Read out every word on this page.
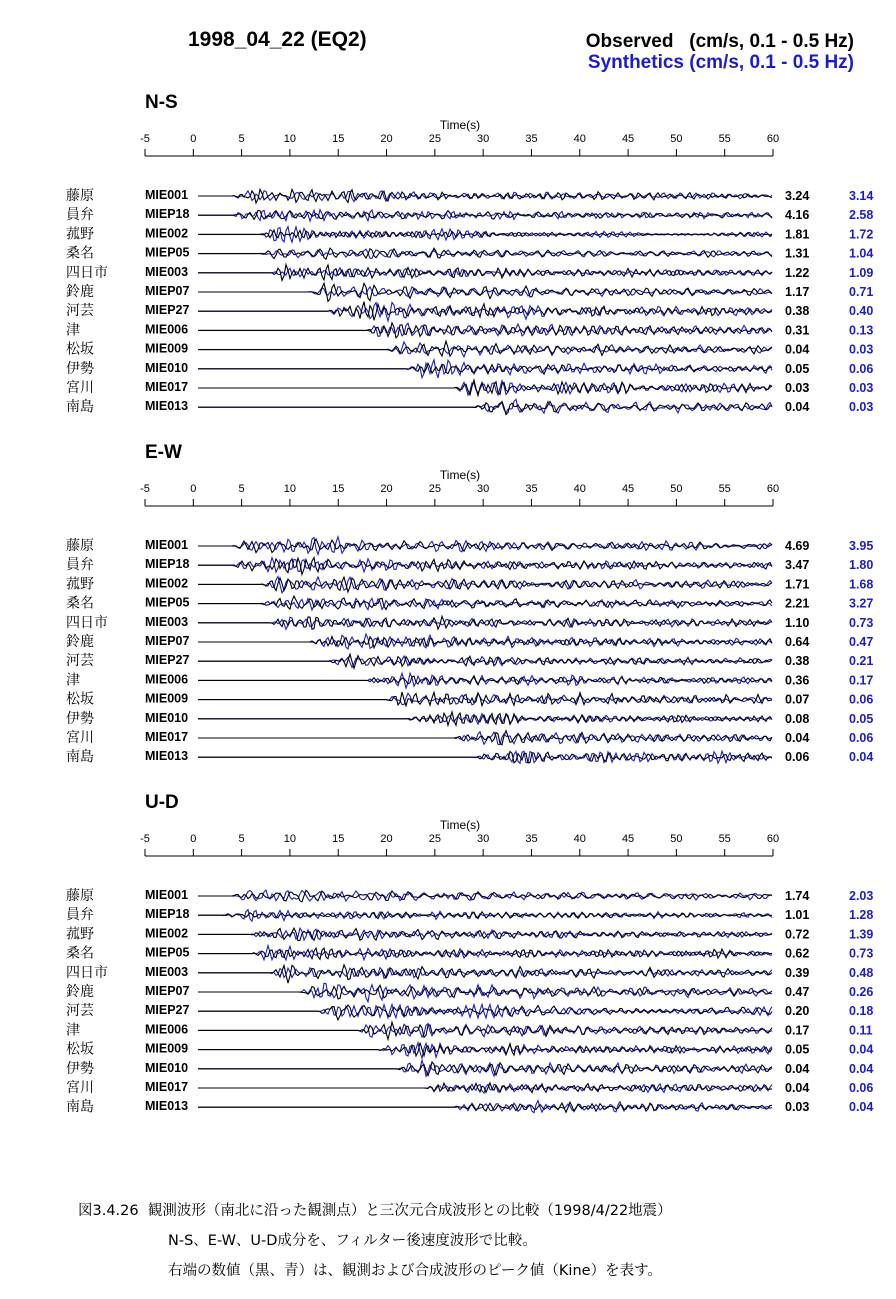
1998_04_22 (EQ2)	Observed   (cm/s, 0.1 - 0.5 Hz)
Synthetics (cm/s, 0.1 - 0.5 Hz)
N-S
Time(s)
-5	0	5	10	15	20	25	30	35	40	45	50	55	60
藤原	MIE001	3.24	3.14
員弁	MIEP18	4.16	2.58
菰野	MIE002	1.81	1.72
桑名	MIEP05	1.31	1.04
四日市	MIE003	1.22	1.09
鈴鹿	MIEP07	1.17	0.71
河芸	MIEP27	0.38	0.40
津	MIE006	0.31	0.13
松坂	MIE009	0.04	0.03
伊勢	MIE010	0.05	0.06
宮川	MIE017	0.03	0.03
南島	MIE013	0.04	0.03
E-W
Time(s)
-5	0	5	10	15	20	25	30	35	40	45	50	55	60
藤原	MIE001	4.69	3.95
員弁	MIEP18	3.47	1.80
菰野	MIE002	1.71	1.68
桑名	MIEP05	2.21	3.27
四日市	MIE003	1.10	0.73
鈴鹿	MIEP07	0.64	0.47
河芸	MIEP27	0.38	0.21
津	MIE006	0.36	0.17
松坂	MIE009	0.07	0.06
伊勢	MIE010	0.08	0.05
宮川	MIE017	0.04	0.06
南島	MIE013	0.06	0.04
U-D
Time(s)
-5	0	5	10	15	20	25	30	35	40	45	50	55	60
藤原	MIE001	1.74	2.03
員弁	MIEP18	1.01	1.28
菰野	MIE002	0.72	1.39
桑名	MIEP05	0.62	0.73
四日市	MIE003	0.39	0.48
鈴鹿	MIEP07	0.47	0.26
河芸	MIEP27	0.20	0.18
津	MIE006	0.17	0.11
松坂	MIE009	0.05	0.04
伊勢	MIE010	0.04	0.04
宮川	MIE017	0.04	0.06
南島	MIE013	0.03	0.04
図3.4.26  観測波形（南北に沿った観測点）と三次元合成波形との比較（1998/4/22地震）
N-S、E-W、U-D成分を、フィルター後速度波形で比較。
右端の数値（黒、青）は、観測および合成波形のピーク値（Kine）を表す。
